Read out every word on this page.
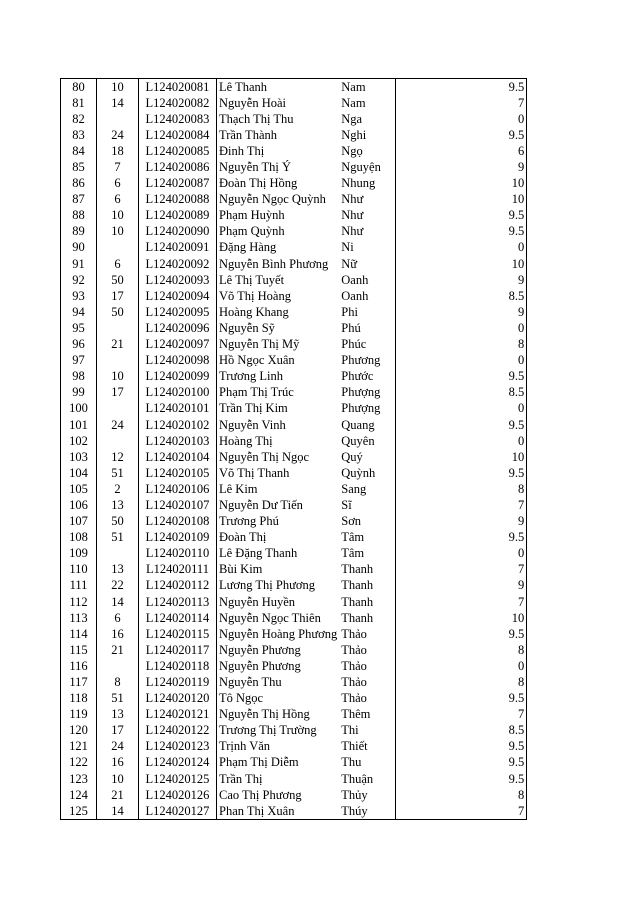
80	10	L124020081	Lê Thanh	Nam	9.5
81	14	L124020082	Nguyễn Hoài	Nam	7
82		L124020083	Thạch Thị Thu	Nga	0
83	24	L124020084	Trần Thành	Nghi	9.5
84	18	L124020085	Đinh Thị	Ngọ	6
85	7	L124020086	Nguyễn Thị Ý	Nguyện	9
86	6	L124020087	Đoàn Thị Hồng	Nhung	10
87	6	L124020088	Nguyễn Ngọc Quỳnh	Như	10
88	10	L124020089	Phạm Huỳnh	Như	9.5
89	10	L124020090	Phạm Quỳnh	Như	9.5
90		L124020091	Đặng Hàng	Ni	0
91	6	L124020092	Nguyễn Bình Phương	Nữ	10
92	50	L124020093	Lê Thị Tuyết	Oanh	9
93	17	L124020094	Võ Thị Hoàng	Oanh	8.5
94	50	L124020095	Hoàng Khang	Phi	9
95		L124020096	Nguyễn Sỹ	Phú	0
96	21	L124020097	Nguyễn Thị Mỹ	Phúc	8
97		L124020098	Hồ Ngọc Xuân	Phương	0
98	10	L124020099	Trương Linh	Phước	9.5
99	17	L124020100	Phạm Thị Trúc	Phượng	8.5
100		L124020101	Trần Thị Kim	Phượng	0
101	24	L124020102	Nguyễn Vinh	Quang	9.5
102		L124020103	Hoàng Thị	Quyên	0
103	12	L124020104	Nguyễn Thị Ngọc	Quý	10
104	51	L124020105	Võ Thị Thanh	Quỳnh	9.5
105	2	L124020106	Lê Kim	Sang	8
106	13	L124020107	Nguyễn Dư Tiến	Sĩ	7
107	50	L124020108	Trương Phú	Sơn	9
108	51	L124020109	Đoàn Thị	Tâm	9.5
109		L124020110	Lê Đặng Thanh	Tâm	0
110	13	L124020111	Bùi Kim	Thanh	7
111	22	L124020112	Lương Thị Phương	Thanh	9
112	14	L124020113	Nguyễn Huyền	Thanh	7
113	6	L124020114	Nguyễn Ngọc Thiên	Thanh	10
114	16	L124020115	Nguyễn Hoàng Phương	Thảo	9.5
115	21	L124020117	Nguyễn Phương	Thảo	8
116		L124020118	Nguyễn Phương	Thảo	0
117	8	L124020119	Nguyễn Thu	Thảo	8
118	51	L124020120	Tô Ngọc	Thảo	9.5
119	13	L124020121	Nguyễn Thị Hồng	Thêm	7
120	17	L124020122	Trương Thị Trường	Thi	8.5
121	24	L124020123	Trịnh Văn	Thiết	9.5
122	16	L124020124	Phạm Thị Diễm	Thu	9.5
123	10	L124020125	Trần Thị	Thuận	9.5
124	21	L124020126	Cao Thị Phương	Thủy	8
125	14	L124020127	Phan Thị Xuân	Thúy	7
